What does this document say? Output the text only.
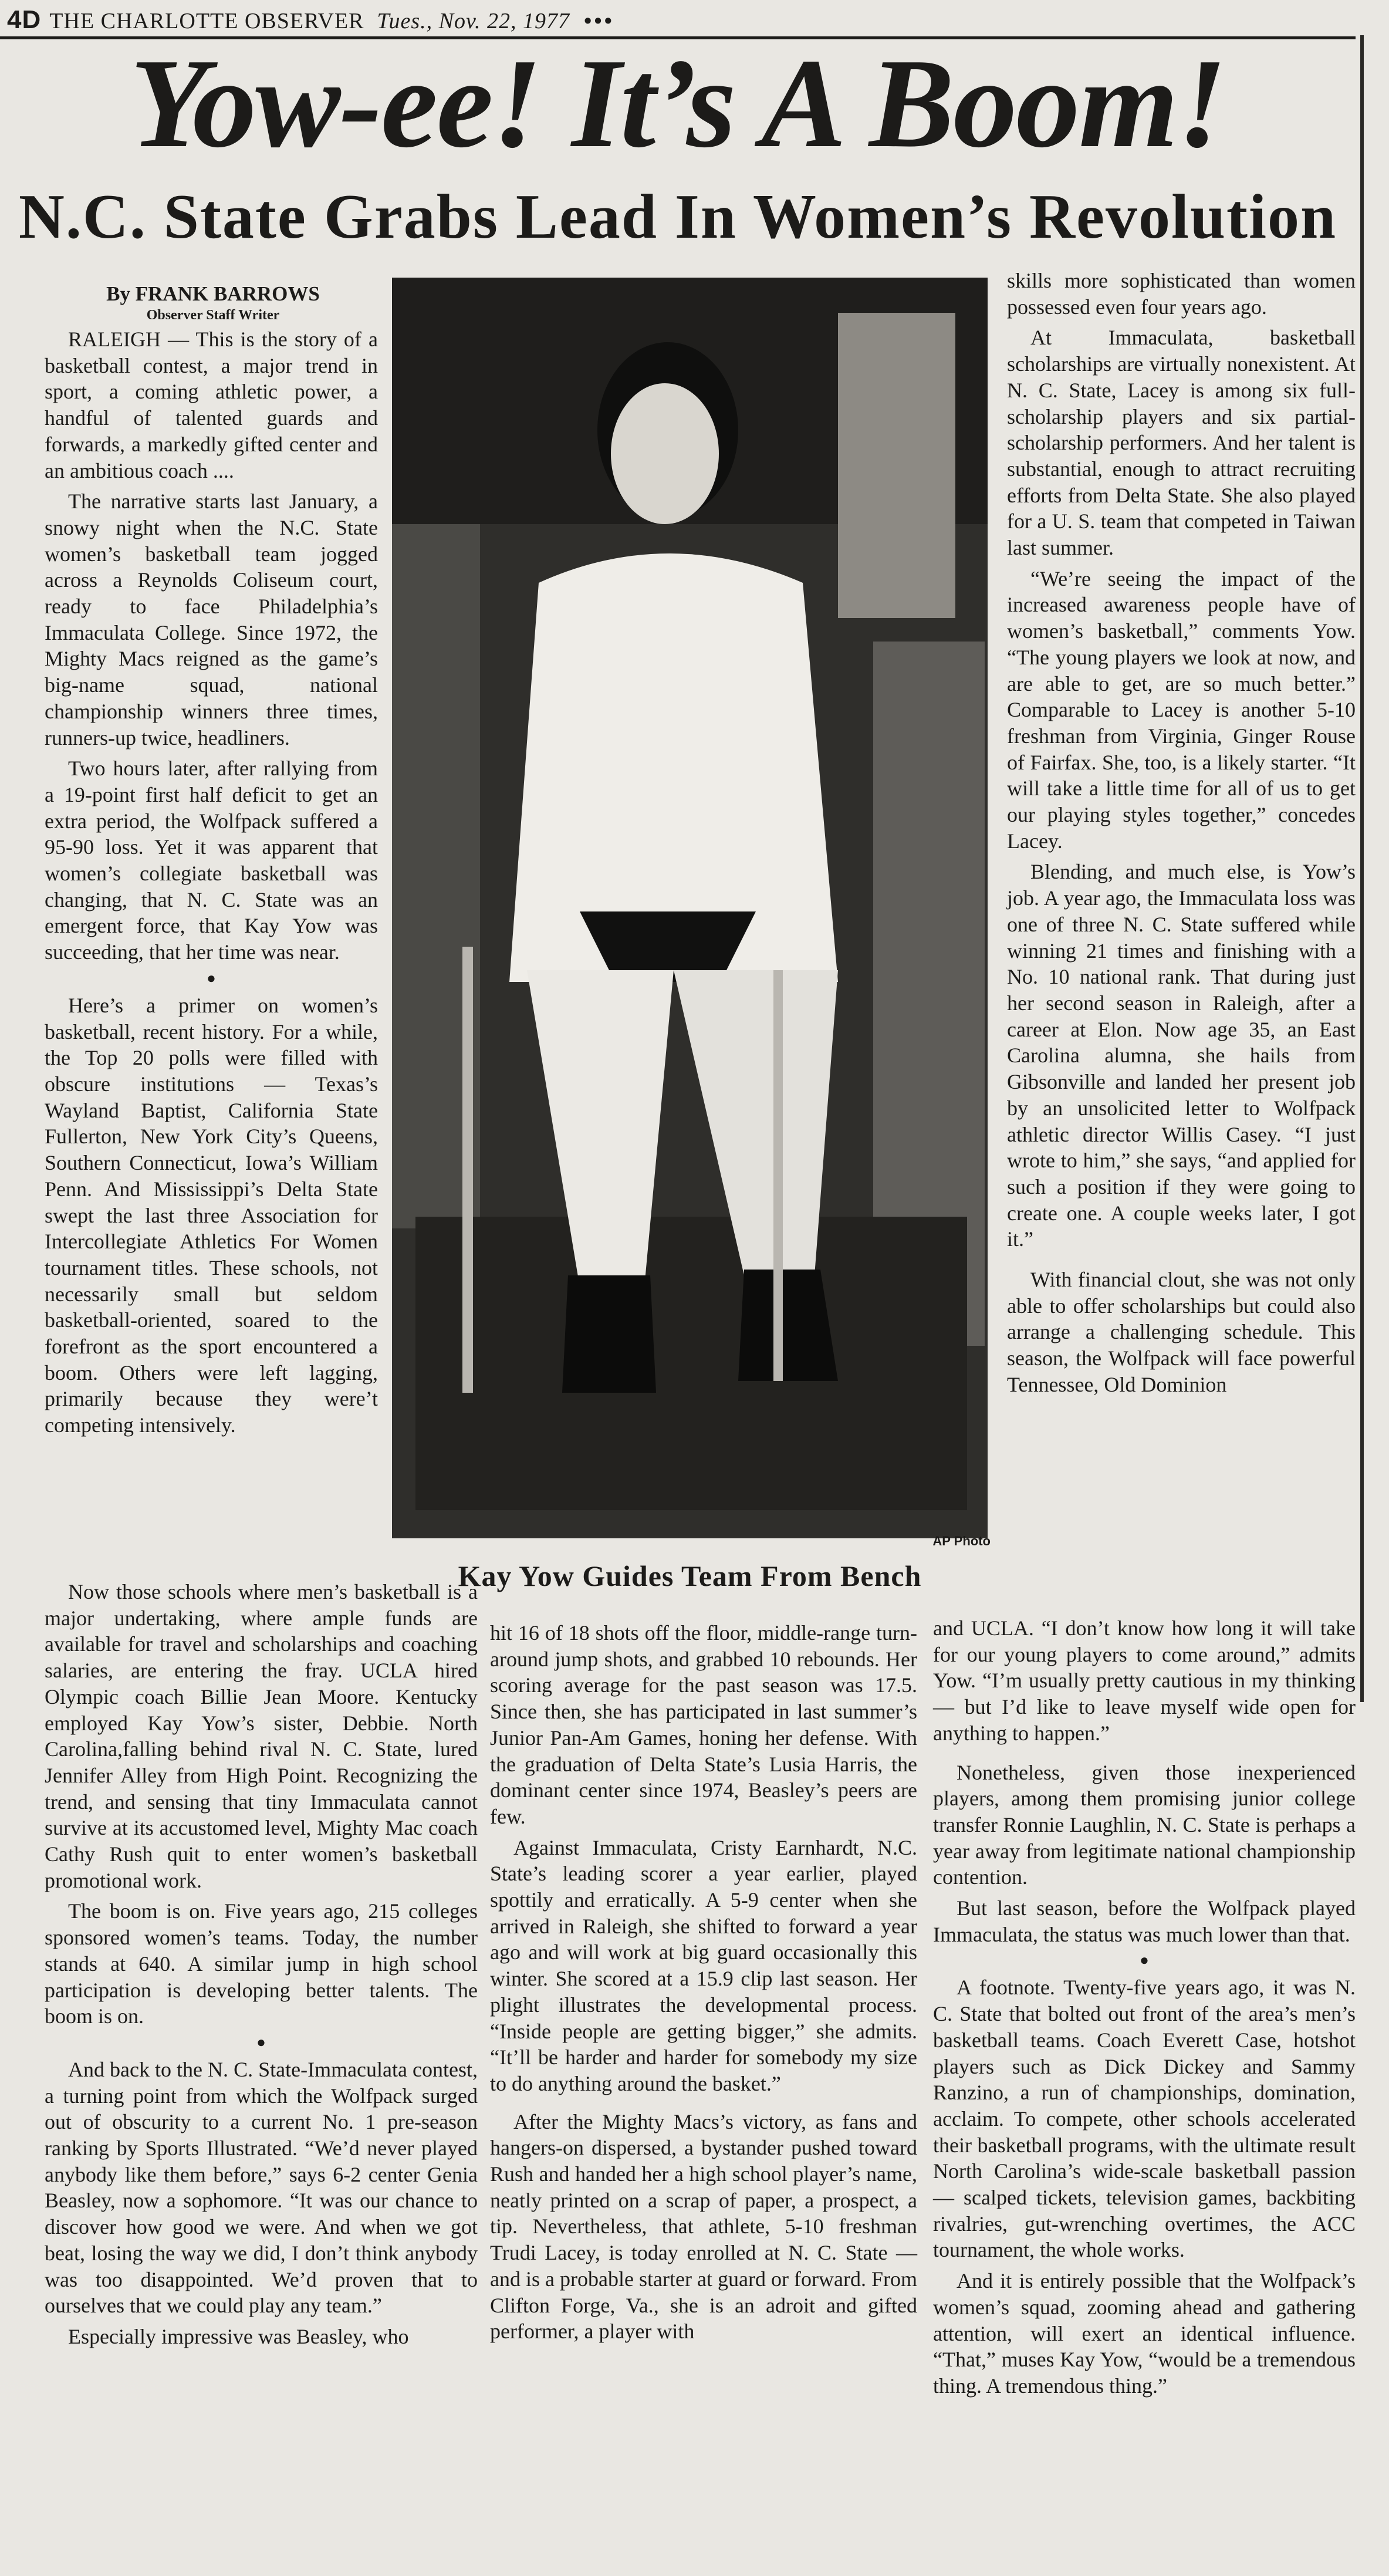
4D THE CHARLOTTE OBSERVER Tues., Nov. 22, 1977 •••
Yow-ee! It’s A Boom!
N.C. State Grabs Lead In Women’s Revolution
By FRANK BARROWS
Observer Staff Writer

RALEIGH — This is the story of a basketball contest, a major trend in sport, a coming athletic power, a handful of talented guards and forwards, a markedly gifted center and an ambitious coach ....

The narrative starts last January, a snowy night when the N.C. State women’s basketball team jogged across a Reynolds Coliseum court, ready to face Philadelphia’s Immaculata College. Since 1972, the Mighty Macs reigned as the game’s big-name squad, national championship winners three times, runners-up twice, headliners.

Two hours later, after rallying from a 19-point first half deficit to get an extra period, the Wolfpack suffered a 95-90 loss. Yet it was apparent that women’s collegiate basketball was changing, that N. C. State was an emergent force, that Kay Yow was succeeding, that her time was near.

●

Here’s a primer on women’s basketball, recent history. For a while, the Top 20 polls were filled with obscure institutions — Texas’s Wayland Baptist, California State Fullerton, New York City’s Queens, Southern Connecticut, Iowa’s William Penn. And Mississippi’s Delta State swept the last three Association for Intercollegiate Athletics For Women tournament titles. These schools, not necessarily small but seldom basketball-oriented, soared to the forefront as the sport encountered a boom. Others were left lagging, primarily because they were’t competing intensively.

AP Photo
Kay Yow Guides Team From Bench

skills more sophisticated than women possessed even four years ago.

At Immaculata, basketball scholarships are virtually nonexistent. At N. C. State, Lacey is among six full-scholarship players and six partial-scholarship performers. And her talent is substantial, enough to attract recruiting efforts from Delta State. She also played for a U. S. team that competed in Taiwan last summer.

“We’re seeing the impact of the increased awareness people have of women’s basketball,” comments Yow. “The young players we look at now, and are able to get, are so much better.” Comparable to Lacey is another 5-10 freshman from Virginia, Ginger Rouse of Fairfax. She, too, is a likely starter. “It will take a little time for all of us to get our playing styles together,” concedes Lacey.

Blending, and much else, is Yow’s job. A year ago, the Immaculata loss was one of three N. C. State suffered while winning 21 times and finishing with a No. 10 national rank. That during just her second season in Raleigh, after a career at Elon. Now age 35, an East Carolina alumna, she hails from Gibsonville and landed her present job by an unsolicited letter to Wolfpack athletic director Willis Casey. “I just wrote to him,” she says, “and applied for such a position if they were going to create one. A couple weeks later, I got it.”

With financial clout, she was not only able to offer scholarships but could also arrange a challenging schedule. This season, the Wolfpack will face powerful Tennessee, Old Dominion

Now those schools where men’s basketball is a major undertaking, where ample funds are available for travel and scholarships and coaching salaries, are entering the fray. UCLA hired Olympic coach Billie Jean Moore. Kentucky employed Kay Yow’s sister, Debbie. North Carolina,falling behind rival N. C. State, lured Jennifer Alley from High Point. Recognizing the trend, and sensing that tiny Immaculata cannot survive at its accustomed level, Mighty Mac coach Cathy Rush quit to enter women’s basketball promotional work.

The boom is on. Five years ago, 215 colleges sponsored women’s teams. Today, the number stands at 640. A similar jump in high school participation is developing better talents. The boom is on.

●

And back to the N. C. State-Immaculata contest, a turning point from which the Wolfpack surged out of obscurity to a current No. 1 pre-season ranking by Sports Illustrated. “We’d never played anybody like them before,” says 6-2 center Genia Beasley, now a sophomore. “It was our chance to discover how good we were. And when we got beat, losing the way we did, I don’t think anybody was too disappointed. We’d proven that to ourselves that we could play any team.”

Especially impressive was Beasley, who

hit 16 of 18 shots off the floor, middle-range turn-around jump shots, and grabbed 10 rebounds. Her scoring average for the past season was 17.5. Since then, she has participated in last summer’s Junior Pan-Am Games, honing her defense. With the graduation of Delta State’s Lusia Harris, the dominant center since 1974, Beasley’s peers are few.

Against Immaculata, Cristy Earnhardt, N.C. State’s leading scorer a year earlier, played spottily and erratically. A 5-9 center when she arrived in Raleigh, she shifted to forward a year ago and will work at big guard occasionally this winter. She scored at a 15.9 clip last season. Her plight illustrates the developmental process. “Inside people are getting bigger,” she admits. “It’ll be harder and harder for somebody my size to do anything around the basket.”

After the Mighty Macs’s victory, as fans and hangers-on dispersed, a bystander pushed toward Rush and handed her a high school player’s name, neatly printed on a scrap of paper, a prospect, a tip. Nevertheless, that athlete, 5-10 freshman Trudi Lacey, is today enrolled at N. C. State — and is a probable starter at guard or forward. From Clifton Forge, Va., she is an adroit and gifted performer, a player with

and UCLA. “I don’t know how long it will take for our young players to come around,” admits Yow. “I’m usually pretty cautious in my thinking — but I’d like to leave myself wide open for anything to happen.”

Nonetheless, given those inexperienced players, among them promising junior college transfer Ronnie Laughlin, N. C. State is perhaps a year away from legitimate national championship contention.

But last season, before the Wolfpack played Immaculata, the status was much lower than that.

●

A footnote. Twenty-five years ago, it was N. C. State that bolted out front of the area’s men’s basketball teams. Coach Everett Case, hotshot players such as Dick Dickey and Sammy Ranzino, a run of championships, domination, acclaim. To compete, other schools accelerated their basketball programs, with the ultimate result North Carolina’s wide-scale basketball passion — scalped tickets, television games, backbiting rivalries, gut-wrenching overtimes, the ACC tournament, the whole works.

And it is entirely possible that the Wolfpack’s women’s squad, zooming ahead and gathering attention, will exert an identical influence. “That,” muses Kay Yow, “would be a tremendous thing. A tremendous thing.”
